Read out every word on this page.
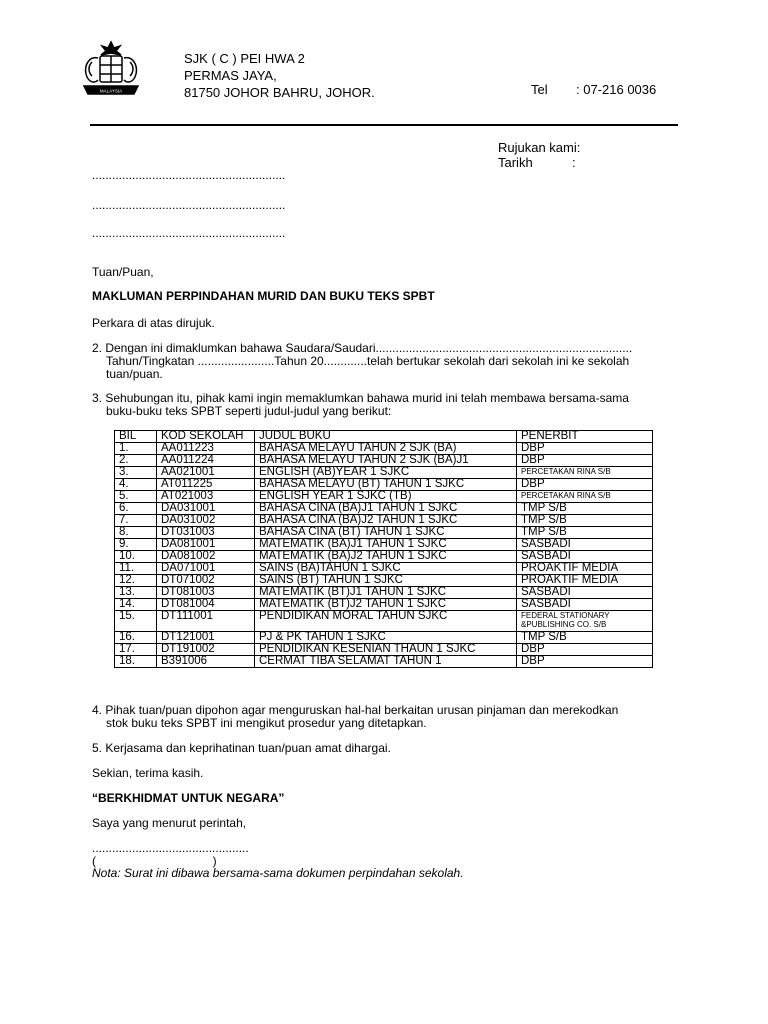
MALAYSIA
SJK ( C ) PEI HWA 2
PERMAS JAYA,
81750 JOHOR BAHRU, JOHOR.	Tel : 07-216 0036
Rujukan kami:
Tarikh	:
..........................................................
..........................................................
..........................................................
Tuan/Puan,
MAKLUMAN PERPINDAHAN MURID DAN BUKU TEKS SPBT
Perkara di atas dirujuk.
2. Dengan ini dimaklumkan bahawa Saudara/Saudari.............................................................................
Tahun/Tingkatan .......................Tahun 20.............telah bertukar sekolah dari sekolah ini ke sekolah
tuan/puan.
3. Sehubungan itu, pihak kami ingin memaklumkan bahawa murid ini telah membawa bersama-sama
buku-buku teks SPBT seperti judul-judul yang berikut:
BIL	KOD SEKOLAH	JUDUL BUKU	PENERBIT
1.	AA011223	BAHASA MELAYU TAHUN 2 SJK (BA)	DBP
2.	AA011224	BAHASA MELAYU TAHUN 2 SJK (BA)J1	DBP
3.	AA021001	ENGLISH (AB)YEAR 1 SJKC	PERCETAKAN RINA S/B
4.	AT011225	BAHASA MELAYU (BT) TAHUN 1 SJKC	DBP
5.	AT021003	ENGLISH YEAR 1 SJKC (TB)	PERCETAKAN RINA S/B
6.	DA031001	BAHASA CINA (BA)J1 TAHUN 1 SJKC	TMP S/B
7.	DA031002	BAHASA CINA (BA)J2 TAHUN 1 SJKC	TMP S/B
8.	DT031003	BAHASA CINA (BT) TAHUN 1 SJKC	TMP S/B
9.	DA081001	MATEMATIK (BA)J1 TAHUN 1 SJKC	SASBADI
10.	DA081002	MATEMATIK (BA)J2 TAHUN 1 SJKC	SASBADI
11.	DA071001	SAINS (BA)TAHUN 1 SJKC	PROAKTIF MEDIA
12.	DT071002	SAINS (BT) TAHUN 1 SJKC	PROAKTIF MEDIA
13.	DT081003	MATEMATIK (BT)J1 TAHUN 1 SJKC	SASBADI
14.	DT081004	MATEMATIK (BT)J2 TAHUN 1 SJKC	SASBADI
15.	DT111001	PENDIDIKAN MORAL TAHUN SJKC	FEDERAL STATIONARY &PUBLISHING CO. S/B
16.	DT121001	PJ & PK TAHUN 1 SJKC	TMP S/B
17.	DT191002	PENDIDIKAN KESENIAN THAUN 1 SJKC	DBP
18.	B391006	CERMAT TIBA SELAMAT TAHUN 1	DBP
4. Pihak tuan/puan dipohon agar menguruskan hal-hal berkaitan urusan pinjaman dan merekodkan
stok buku teks SPBT ini mengikut prosedur yang ditetapkan.
5. Kerjasama dan keprihatinan tuan/puan amat dihargai.
Sekian, terima kasih.
“BERKHIDMAT UNTUK NEGARA”
Saya yang menurut perintah,
...............................................
(                                   )
Nota: Surat ini dibawa bersama-sama dokumen perpindahan sekolah.
